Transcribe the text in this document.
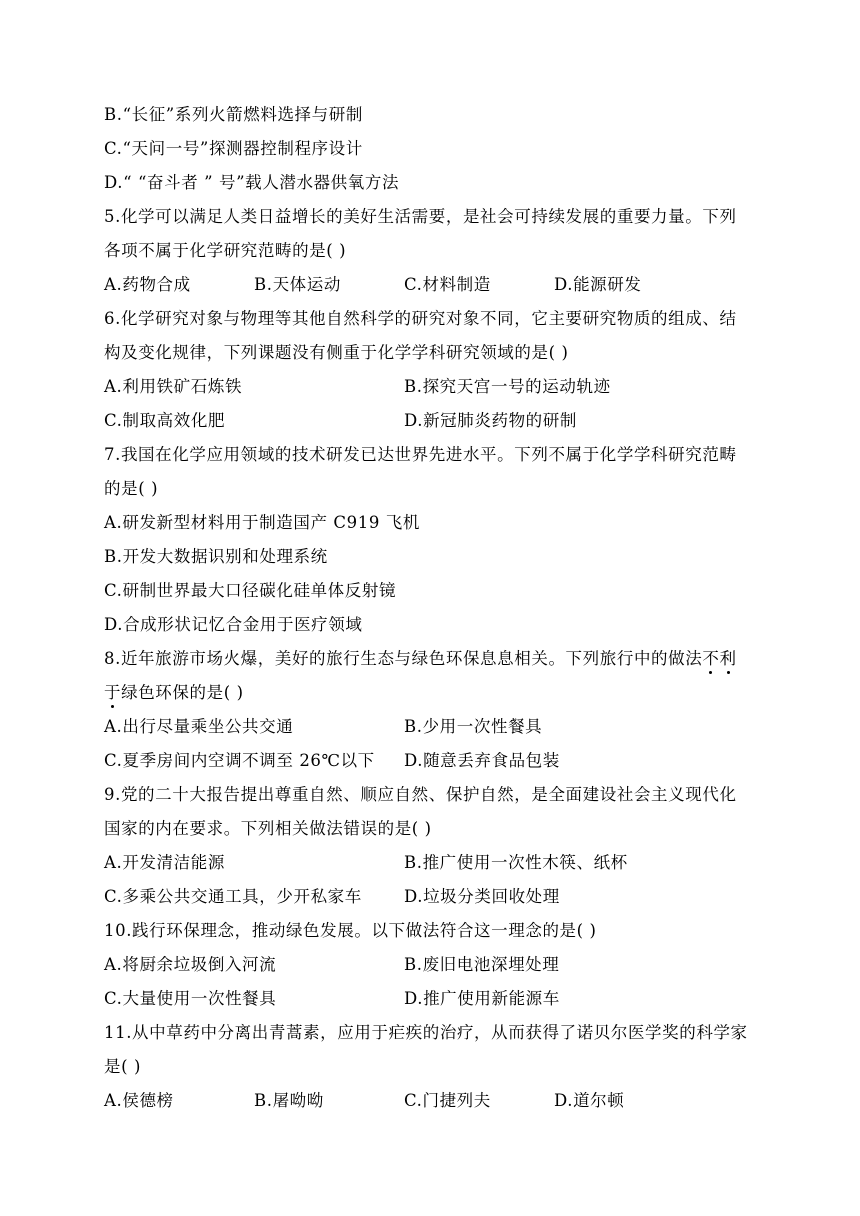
B.“长征”系列火箭燃料选择与研制
C.“天问一号”探测器控制程序设计
D.“ “奋斗者 ” 号”载人潜水器供氧方法
5.化学可以满足人类日益增长的美好生活需要，是社会可持续发展的重要力量。下列
各项不属于化学研究范畴的是( )
A.药物合成	B.天体运动	C.材料制造	D.能源研发
6.化学研究对象与物理等其他自然科学的研究对象不同，它主要研究物质的组成、结
构及变化规律，下列课题没有侧重于化学学科研究领域的是( )
A.利用铁矿石炼铁	B.探究天宫一号的运动轨迹
C.制取高效化肥	D.新冠肺炎药物的研制
7.我国在化学应用领域的技术研发已达世界先进水平。下列不属于化学学科研究范畴
的是( )
A.研发新型材料用于制造国产 C919 飞机
B.开发大数据识别和处理系统
C.研制世界最大口径碳化硅单体反射镜
D.合成形状记忆合金用于医疗领域
8.近年旅游市场火爆，美好的旅行生态与绿色环保息息相关。下列旅行中的做法不利
于绿色环保的是( )
A.出行尽量乘坐公共交通	B.少用一次性餐具
C.夏季房间内空调不调至 26℃以下 D.随意丢弃食品包装
9.党的二十大报告提出尊重自然、顺应自然、保护自然，是全面建设社会主义现代化
国家的内在要求。下列相关做法错误的是( )
A.开发清洁能源	B.推广使用一次性木筷、纸杯
C.多乘公共交通工具，少开私家车	D.垃圾分类回收处理
10.践行环保理念，推动绿色发展。以下做法符合这一理念的是( )
A.将厨余垃圾倒入河流	B.废旧电池深埋处理
C.大量使用一次性餐具	D.推广使用新能源车
11.从中草药中分离出青蒿素，应用于疟疾的治疗，从而获得了诺贝尔医学奖的科学家
是( )
A.侯德榜	B.屠呦呦	C.门捷列夫	D.道尔顿
